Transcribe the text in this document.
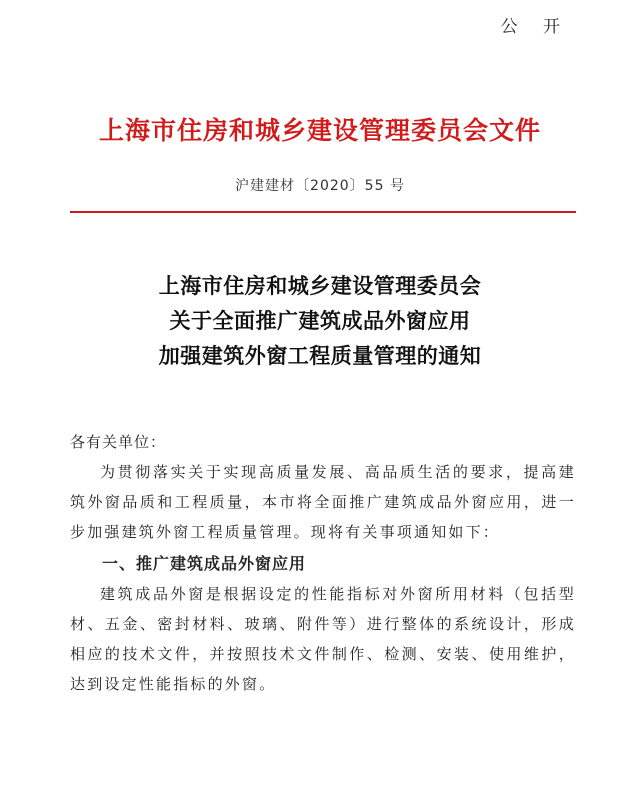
公 开
上海市住房和城乡建设管理委员会文件
沪建建材〔2020〕55 号
上海市住房和城乡建设管理委员会
关于全面推广建筑成品外窗应用
加强建筑外窗工程质量管理的通知
各有关单位：

为贯彻落实关于实现高质量发展、高品质生活的要求，提高建筑外窗品质和工程质量，本市将全面推广建筑成品外窗应用，进一步加强建筑外窗工程质量管理。现将有关事项通知如下：

一、推广建筑成品外窗应用

建筑成品外窗是根据设定的性能指标对外窗所用材料（包括型材、五金、密封材料、玻璃、附件等）进行整体的系统设计，形成相应的技术文件，并按照技术文件制作、检测、安装、使用维护，达到设定性能指标的外窗。
